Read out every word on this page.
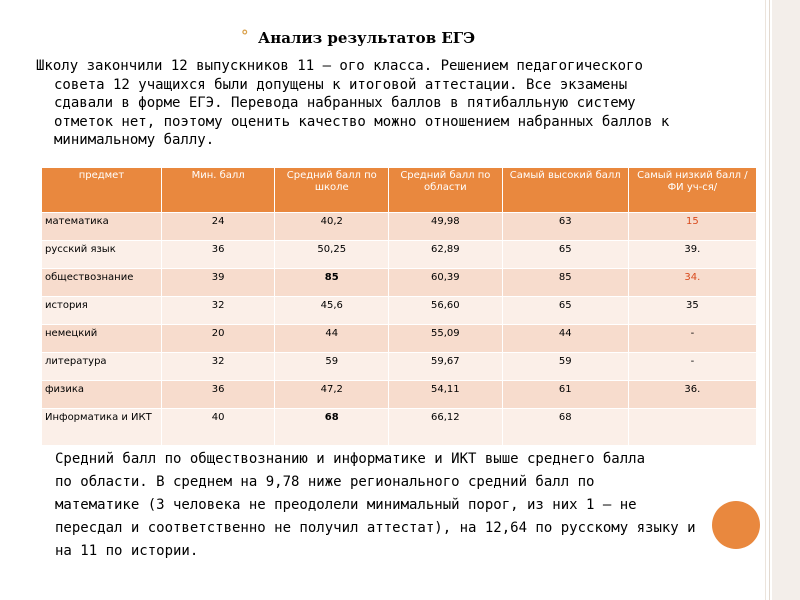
° Анализ результатов ЕГЭ
Школу закончили 12 выпускников 11 – ого класса. Решением педагогического
совета 12 учащихся были допущены к итоговой аттестации. Все экзамены
сдавали в форме ЕГЭ. Перевода набранных баллов в пятибалльную систему
отметок нет, поэтому оценить качество можно отношением набранных баллов к
минимальному баллу.
предмет	Мин. балл	Средний балл по школе	Средний балл по области	Самый высокий балл	Самый низкий балл /ФИ уч-ся/
математика	24	40,2	49,98	63	15
русский язык	36	50,25	62,89	65	39.
обществознание	39	85	60,39	85	34.
история	32	45,6	56,60	65	35
немецкий	20	44	55,09	44	-
литература	32	59	59,67	59	-
физика	36	47,2	54,11	61	36.
Информатика и ИКТ	40	68	66,12	68	
Средний балл по обществознанию и информатике и ИКТ выше среднего балла
по области. В среднем на 9,78 ниже регионального средний балл по
математике (3 человека не преодолели минимальный порог, из них 1 – не
пересдал и соответственно не получил аттестат), на 12,64 по русскому языку и
на 11 по истории.
